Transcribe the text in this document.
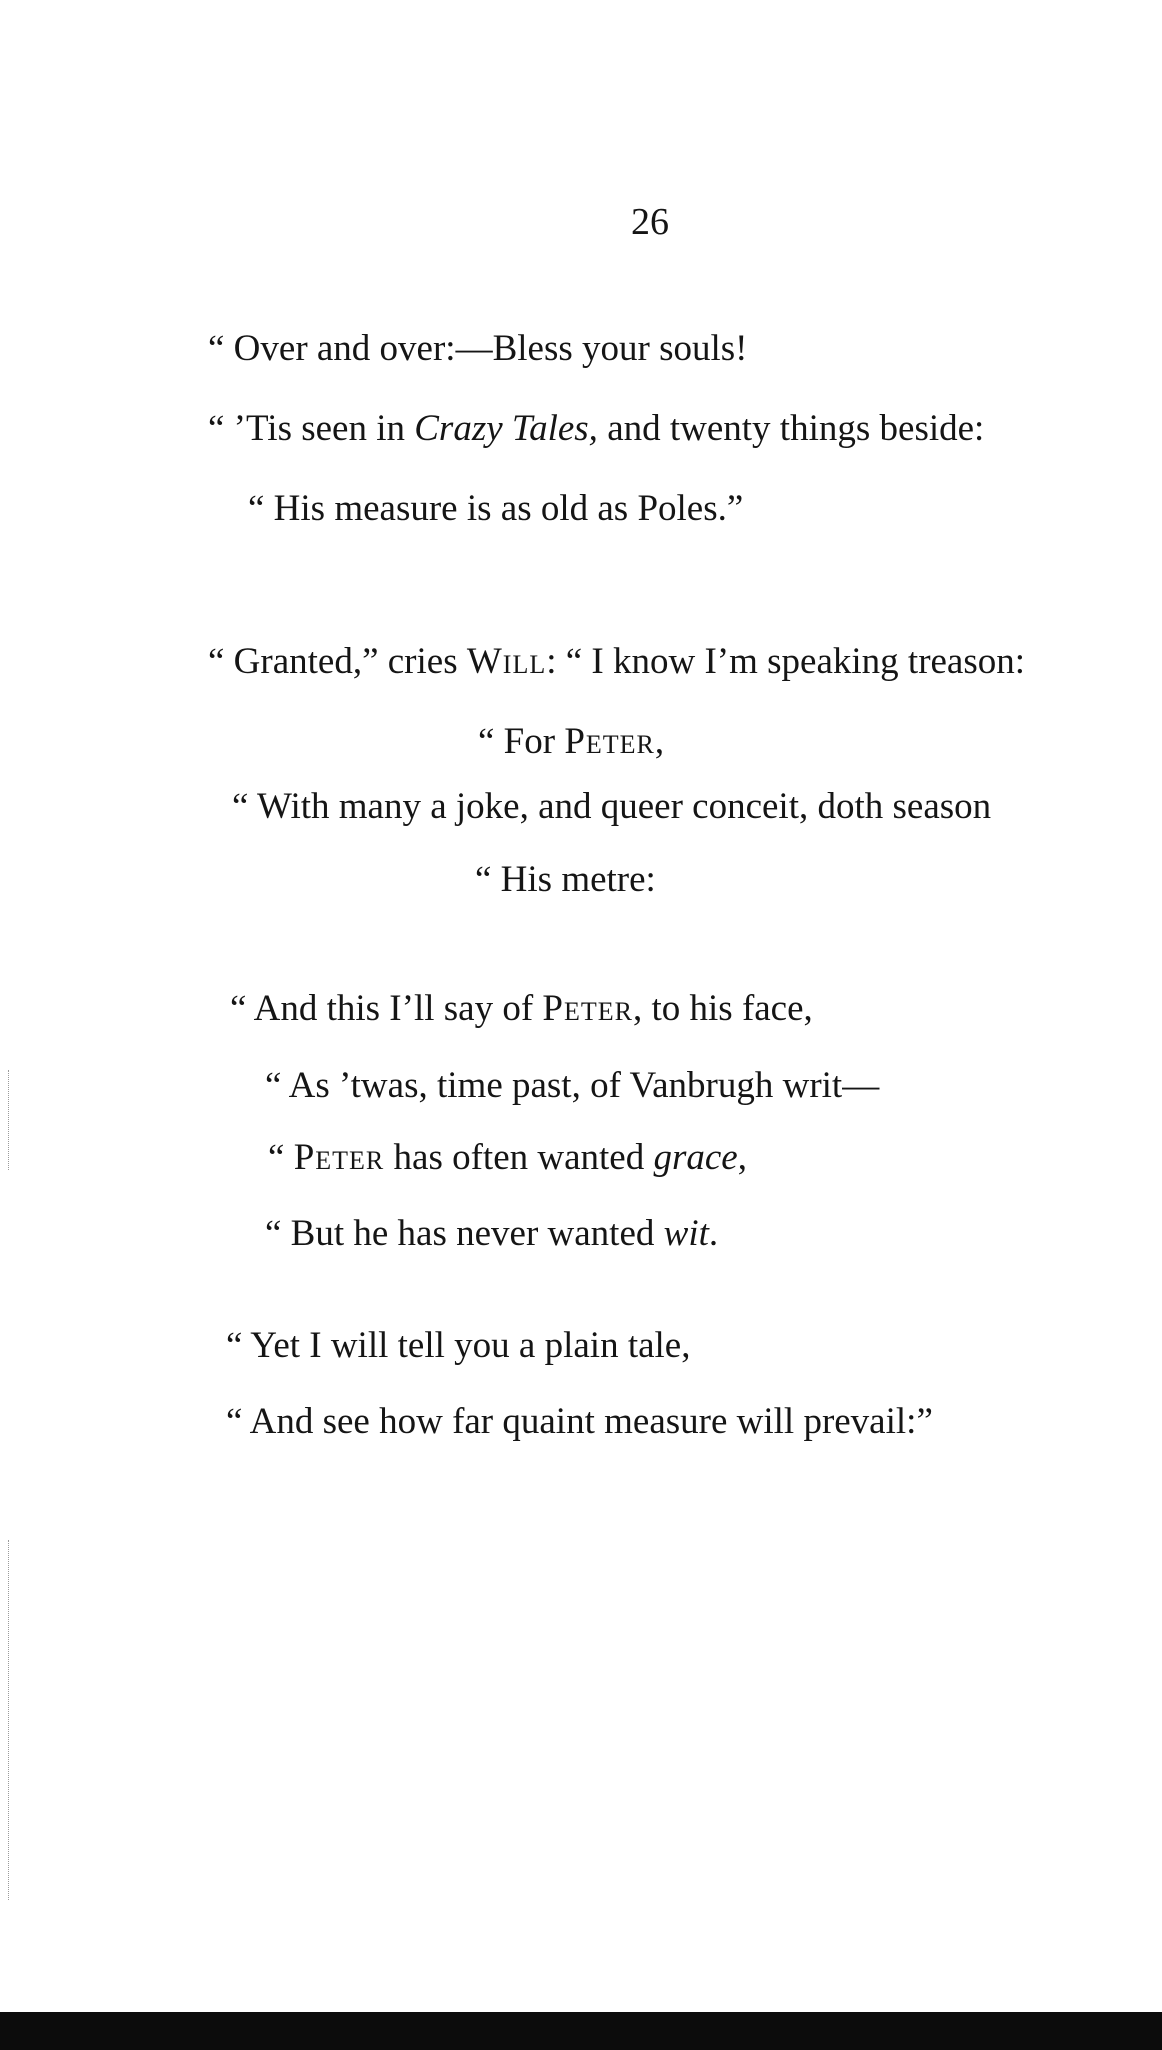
26
“ Over and over:—Bless your souls!
“ ’Tis seen in Crazy Tales, and twenty things beside:
“ His measure is as old as Poles.”
“ Granted,” cries Will: “ I know I’m speaking treason:
“ For Peter,
“ With many a joke, and queer conceit, doth season
“ His metre:
“ And this I’ll say of Peter, to his face,
“ As ’twas, time past, of Vanbrugh writ—
“ Peter has often wanted grace,
“ But he has never wanted wit.
“ Yet I will tell you a plain tale,
“ And see how far quaint measure will prevail:”
